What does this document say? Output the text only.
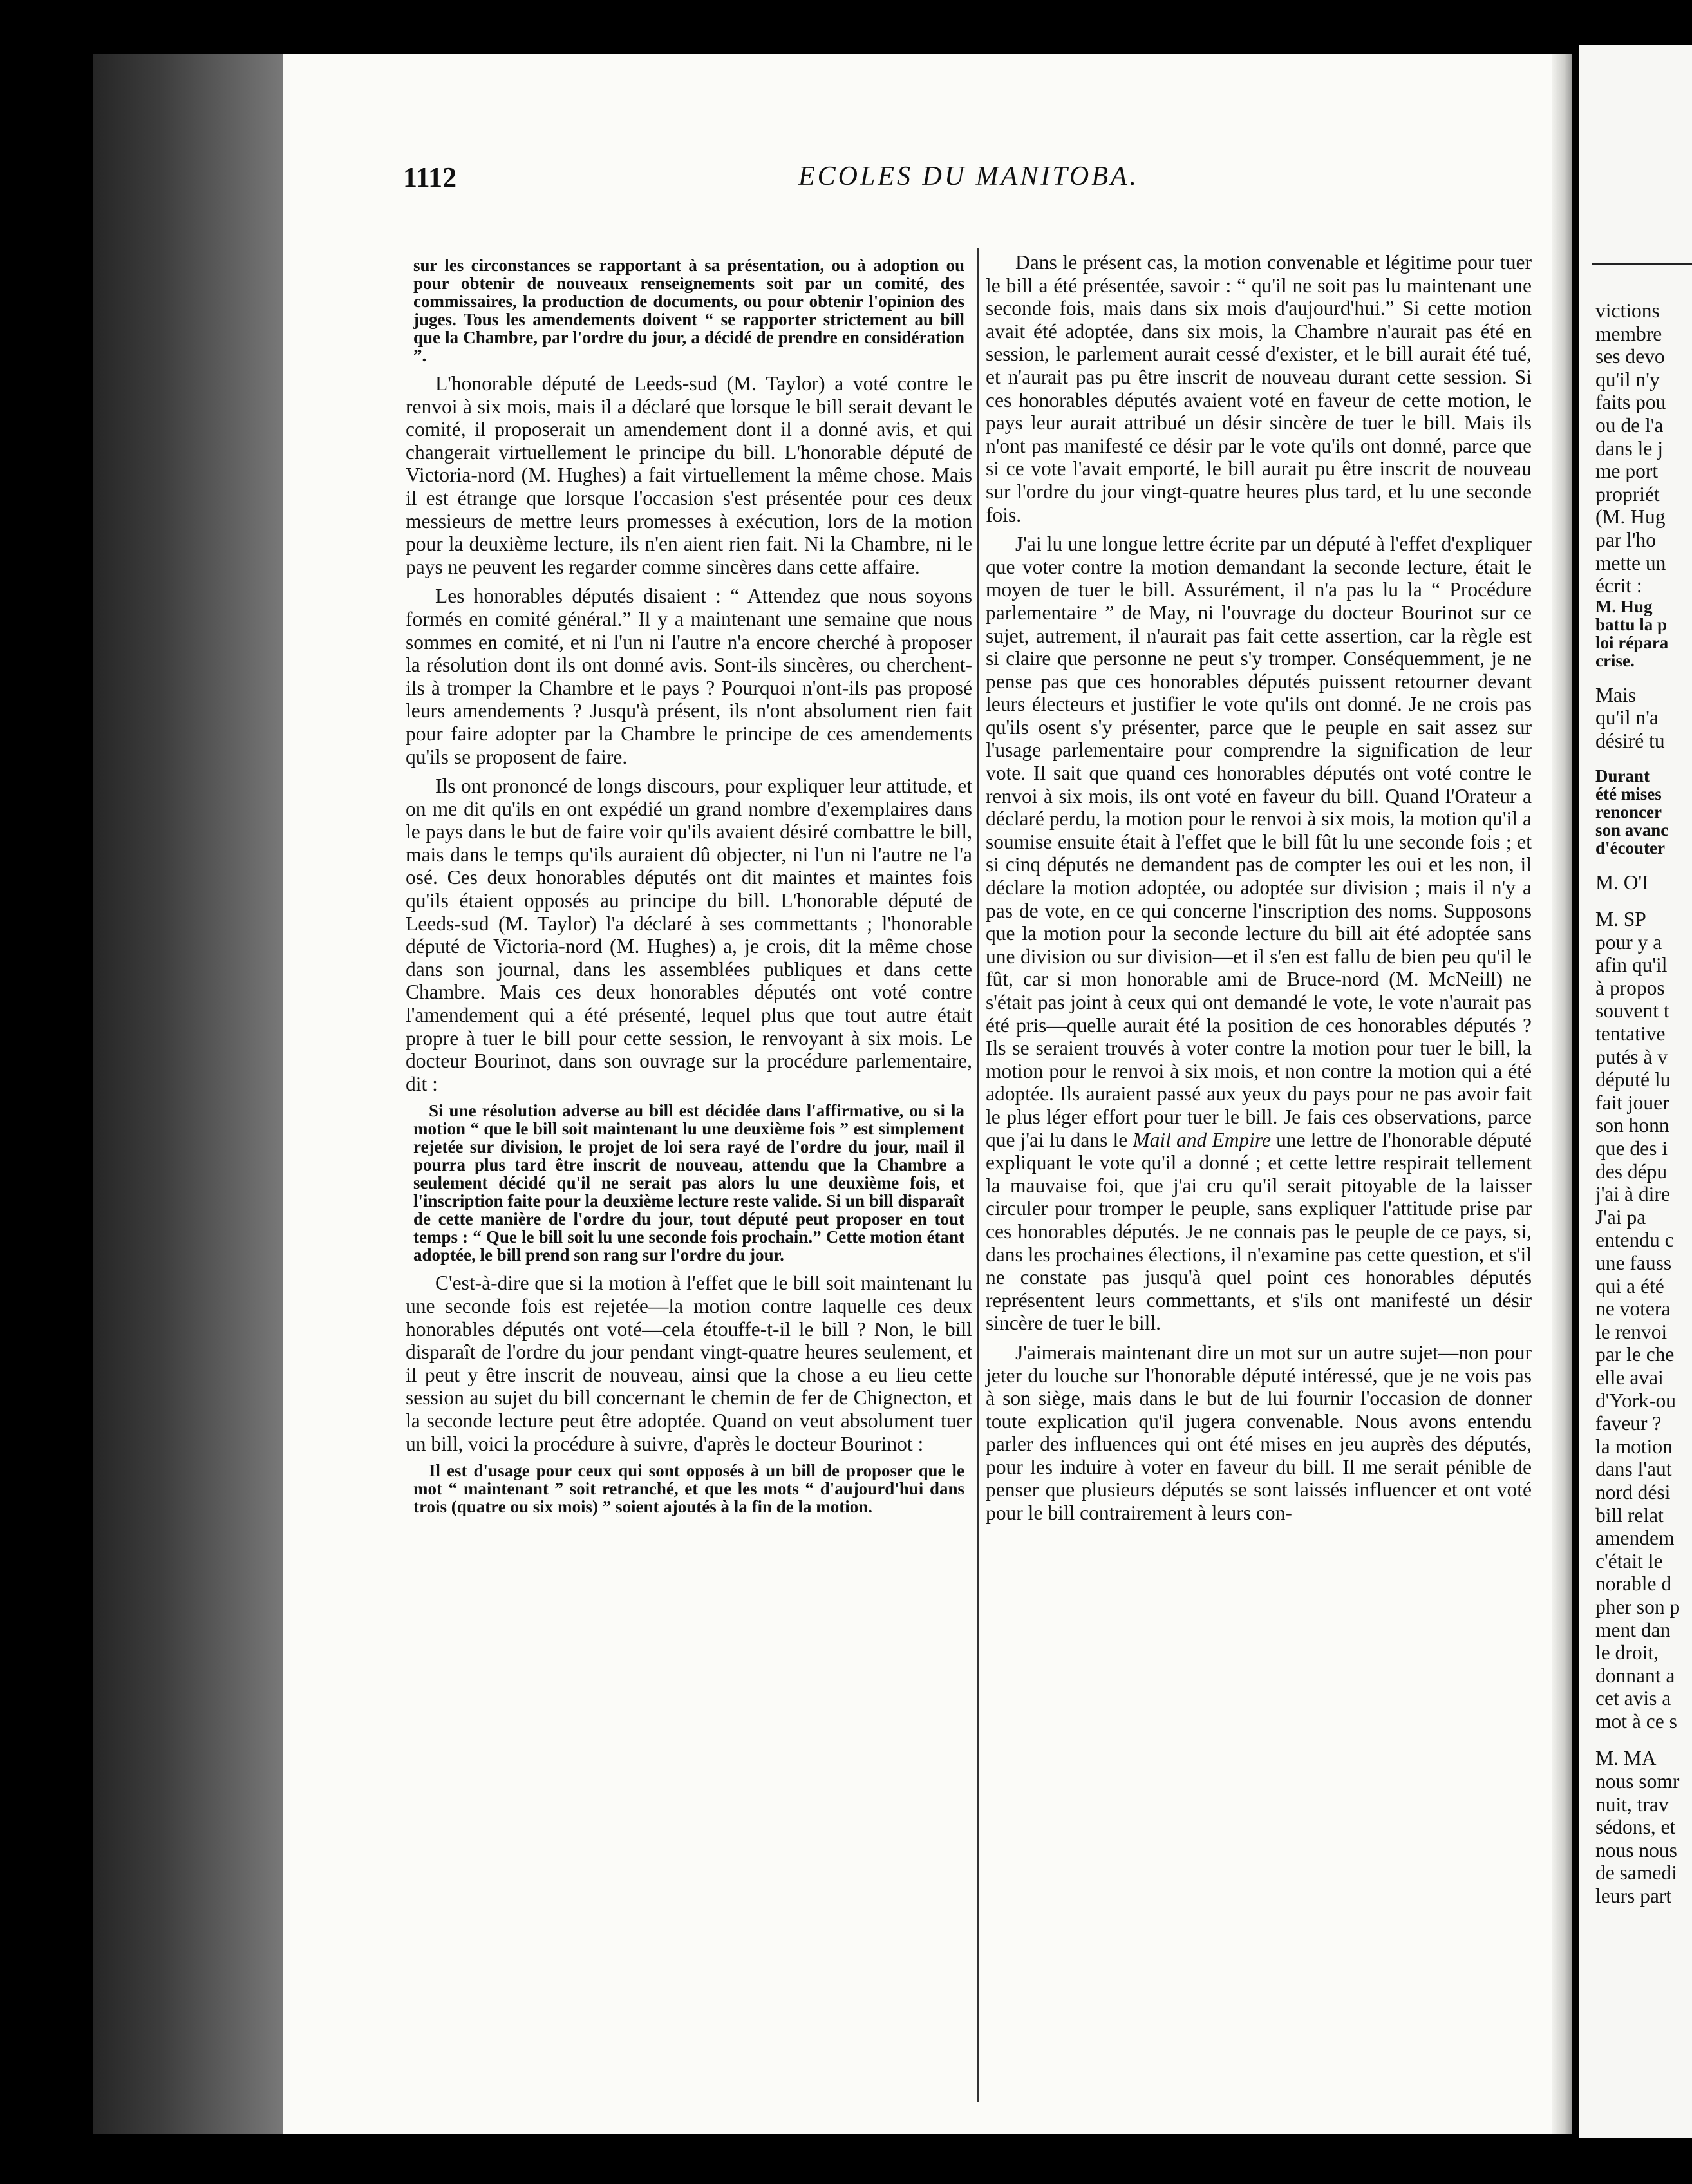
1112	ECOLES DU MANITOBA.

sur les circonstances se rapportant à sa présentation, ou à adoption ou pour obtenir de nouveaux renseignements soit par un comité, des commissaires, la production de documents, ou pour obtenir l'opinion des juges. Tous les amendements doivent “ se rapporter strictement au bill que la Chambre, par l'ordre du jour, a décidé de prendre en considération ”.

L'honorable député de Leeds-sud (M. Taylor) a voté contre le renvoi à six mois, mais il a déclaré que lorsque le bill serait devant le comité, il proposerait un amendement dont il a donné avis, et qui changerait virtuellement le principe du bill. L'honorable député de Victoria-nord (M. Hughes) a fait virtuellement la même chose. Mais il est étrange que lorsque l'occasion s'est présentée pour ces deux messieurs de mettre leurs promesses à exécution, lors de la motion pour la deuxième lecture, ils n'en aient rien fait. Ni la Chambre, ni le pays ne peuvent les regarder comme sincères dans cette affaire.

Les honorables députés disaient : “ Attendez que nous soyons formés en comité général.” Il y a maintenant une semaine que nous sommes en comité, et ni l'un ni l'autre n'a encore cherché à proposer la résolution dont ils ont donné avis. Sont-ils sincères, ou cherchent-ils à tromper la Chambre et le pays ? Pourquoi n'ont-ils pas proposé leurs amendements ? Jusqu'à présent, ils n'ont absolument rien fait pour faire adopter par la Chambre le principe de ces amendements qu'ils se proposent de faire.

Ils ont prononcé de longs discours, pour expliquer leur attitude, et on me dit qu'ils en ont expédié un grand nombre d'exemplaires dans le pays dans le but de faire voir qu'ils avaient désiré combattre le bill, mais dans le temps qu'ils auraient dû objecter, ni l'un ni l'autre ne l'a osé. Ces deux honorables députés ont dit maintes et maintes fois qu'ils étaient opposés au principe du bill. L'honorable député de Leeds-sud (M. Taylor) l'a déclaré à ses commettants ; l'honorable député de Victoria-nord (M. Hughes) a, je crois, dit la même chose dans son journal, dans les assemblées publiques et dans cette Chambre. Mais ces deux honorables députés ont voté contre l'amendement qui a été présenté, lequel plus que tout autre était propre à tuer le bill pour cette session, le renvoyant à six mois. Le docteur Bourinot, dans son ouvrage sur la procédure parlementaire, dit :

Si une résolution adverse au bill est décidée dans l'affirmative, ou si la motion “ que le bill soit maintenant lu une deuxième fois ” est simplement rejetée sur division, le projet de loi sera rayé de l'ordre du jour, mail il pourra plus tard être inscrit de nouveau, attendu que la Chambre a seulement décidé qu'il ne serait pas alors lu une deuxième fois, et l'inscription faite pour la deuxième lecture reste valide. Si un bill disparaît de cette manière de l'ordre du jour, tout député peut proposer en tout temps : “ Que le bill soit lu une seconde fois prochain.” Cette motion étant adoptée, le bill prend son rang sur l'ordre du jour.

C'est-à-dire que si la motion à l'effet que le bill soit maintenant lu une seconde fois est rejetée—la motion contre laquelle ces deux honorables députés ont voté—cela étouffe-t-il le bill ? Non, le bill disparaît de l'ordre du jour pendant vingt-quatre heures seulement, et il peut y être inscrit de nouveau, ainsi que la chose a eu lieu cette session au sujet du bill concernant le chemin de fer de Chignecton, et la seconde lecture peut être adoptée. Quand on veut absolument tuer un bill, voici la procédure à suivre, d'après le docteur Bourinot :

Il est d'usage pour ceux qui sont opposés à un bill de proposer que le mot “ maintenant ” soit retranché, et que les mots “ d'aujourd'hui dans trois (quatre ou six mois) ” soient ajoutés à la fin de la motion.

Dans le présent cas, la motion convenable et légitime pour tuer le bill a été présentée, savoir : “ qu'il ne soit pas lu maintenant une seconde fois, mais dans six mois d'aujourd'hui.” Si cette motion avait été adoptée, dans six mois, la Chambre n'aurait pas été en session, le parlement aurait cessé d'exister, et le bill aurait été tué, et n'aurait pas pu être inscrit de nouveau durant cette session. Si ces honorables députés avaient voté en faveur de cette motion, le pays leur aurait attribué un désir sincère de tuer le bill. Mais ils n'ont pas manifesté ce désir par le vote qu'ils ont donné, parce que si ce vote l'avait emporté, le bill aurait pu être inscrit de nouveau sur l'ordre du jour vingt-quatre heures plus tard, et lu une seconde fois.

J'ai lu une longue lettre écrite par un député à l'effet d'expliquer que voter contre la motion demandant la seconde lecture, était le moyen de tuer le bill. Assurément, il n'a pas lu la “ Procédure parlementaire ” de May, ni l'ouvrage du docteur Bourinot sur ce sujet, autrement, il n'aurait pas fait cette assertion, car la règle est si claire que personne ne peut s'y tromper. Conséquemment, je ne pense pas que ces honorables députés puissent retourner devant leurs électeurs et justifier le vote qu'ils ont donné. Je ne crois pas qu'ils osent s'y présenter, parce que le peuple en sait assez sur l'usage parlementaire pour comprendre la signification de leur vote. Il sait que quand ces honorables députés ont voté contre le renvoi à six mois, ils ont voté en faveur du bill. Quand l'Orateur a déclaré perdu, la motion pour le renvoi à six mois, la motion qu'il a soumise ensuite était à l'effet que le bill fût lu une seconde fois ; et si cinq députés ne demandent pas de compter les oui et les non, il déclare la motion adoptée, ou adoptée sur division ; mais il n'y a pas de vote, en ce qui concerne l'inscription des noms. Supposons que la motion pour la seconde lecture du bill ait été adoptée sans une division ou sur division—et il s'en est fallu de bien peu qu'il le fût, car si mon honorable ami de Bruce-nord (M. McNeill) ne s'était pas joint à ceux qui ont demandé le vote, le vote n'aurait pas été pris—quelle aurait été la position de ces honorables députés ? Ils se seraient trouvés à voter contre la motion pour tuer le bill, la motion pour le renvoi à six mois, et non contre la motion qui a été adoptée. Ils auraient passé aux yeux du pays pour ne pas avoir fait le plus léger effort pour tuer le bill. Je fais ces observations, parce que j'ai lu dans le Mail and Empire une lettre de l'honorable député expliquant le vote qu'il a donné ; et cette lettre respirait tellement la mauvaise foi, que j'ai cru qu'il serait pitoyable de la laisser circuler pour tromper le peuple, sans expliquer l'attitude prise par ces honorables députés. Je ne connais pas le peuple de ce pays, si, dans les prochaines élections, il n'examine pas cette question, et s'il ne constate pas jusqu'à quel point ces honorables députés représentent leurs commettants, et s'ils ont manifesté un désir sincère de tuer le bill.

J'aimerais maintenant dire un mot sur un autre sujet—non pour jeter du louche sur l'honorable député intéressé, que je ne vois pas à son siège, mais dans le but de lui fournir l'occasion de donner toute explication qu'il jugera convenable. Nous avons entendu parler des influences qui ont été mises en jeu auprès des députés, pour les induire à voter en faveur du bill. Il me serait pénible de penser que plusieurs députés se sont laissés influencer et ont voté pour le bill contrairement à leurs con-

victions
membre
ses devo
qu'il n'y
faits pou
ou de l'a
dans le j
me port
propriét
(M. Hug
par l'ho
mette un
écrit :
M. Hug
battu la p
loi répara
crise.
Mais
qu'il n'a
désiré tu
Durant
été mises
renoncer
son avanc
d'écouter
M. O'I
M. SP
pour y a
afin qu'il
à propos
souvent t
tentative
putés à v
député lu
fait jouer
son honn
que des i
des dépu
j'ai à dire
J'ai pa
entendu c
une fauss
qui a été
ne votera
le renvoi
par le che
elle avai
d'York-ou
faveur ?
la motion
dans l'aut
nord dési
bill relat
amendem
c'était le
norable d
pher son p
ment dan
le droit,
donnant a
cet avis a
mot à ce s
M. MA
nous somr
nuit, trav
sédons, et
nous nous
de samedi
leurs part
